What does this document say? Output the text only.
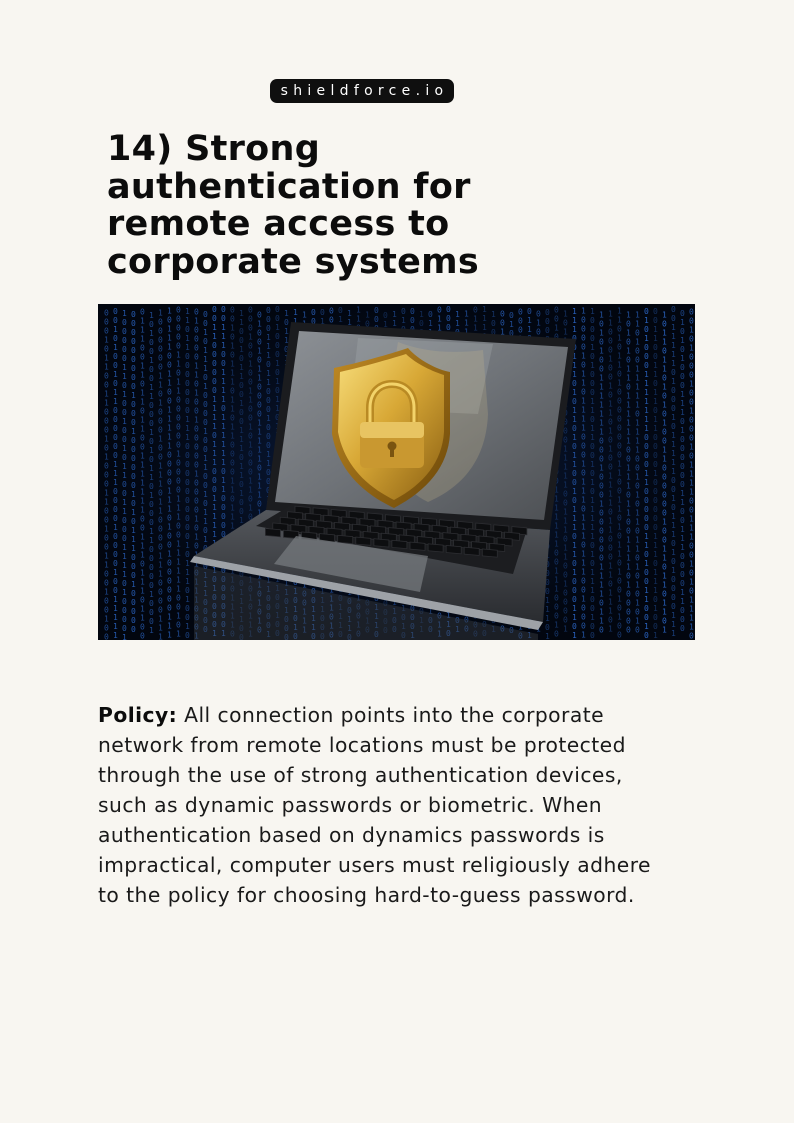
shieldforce.io
14) Strong
authentication for
remote access to
corporate systems

Policy: All connection points into the corporate
network from remote locations must be protected
through the use of strong authentication devices,
such as dynamic passwords or biometric. When
authentication based on dynamics passwords is
impractical, computer users must religiously adhere
to the policy for choosing hard-to-guess password.
